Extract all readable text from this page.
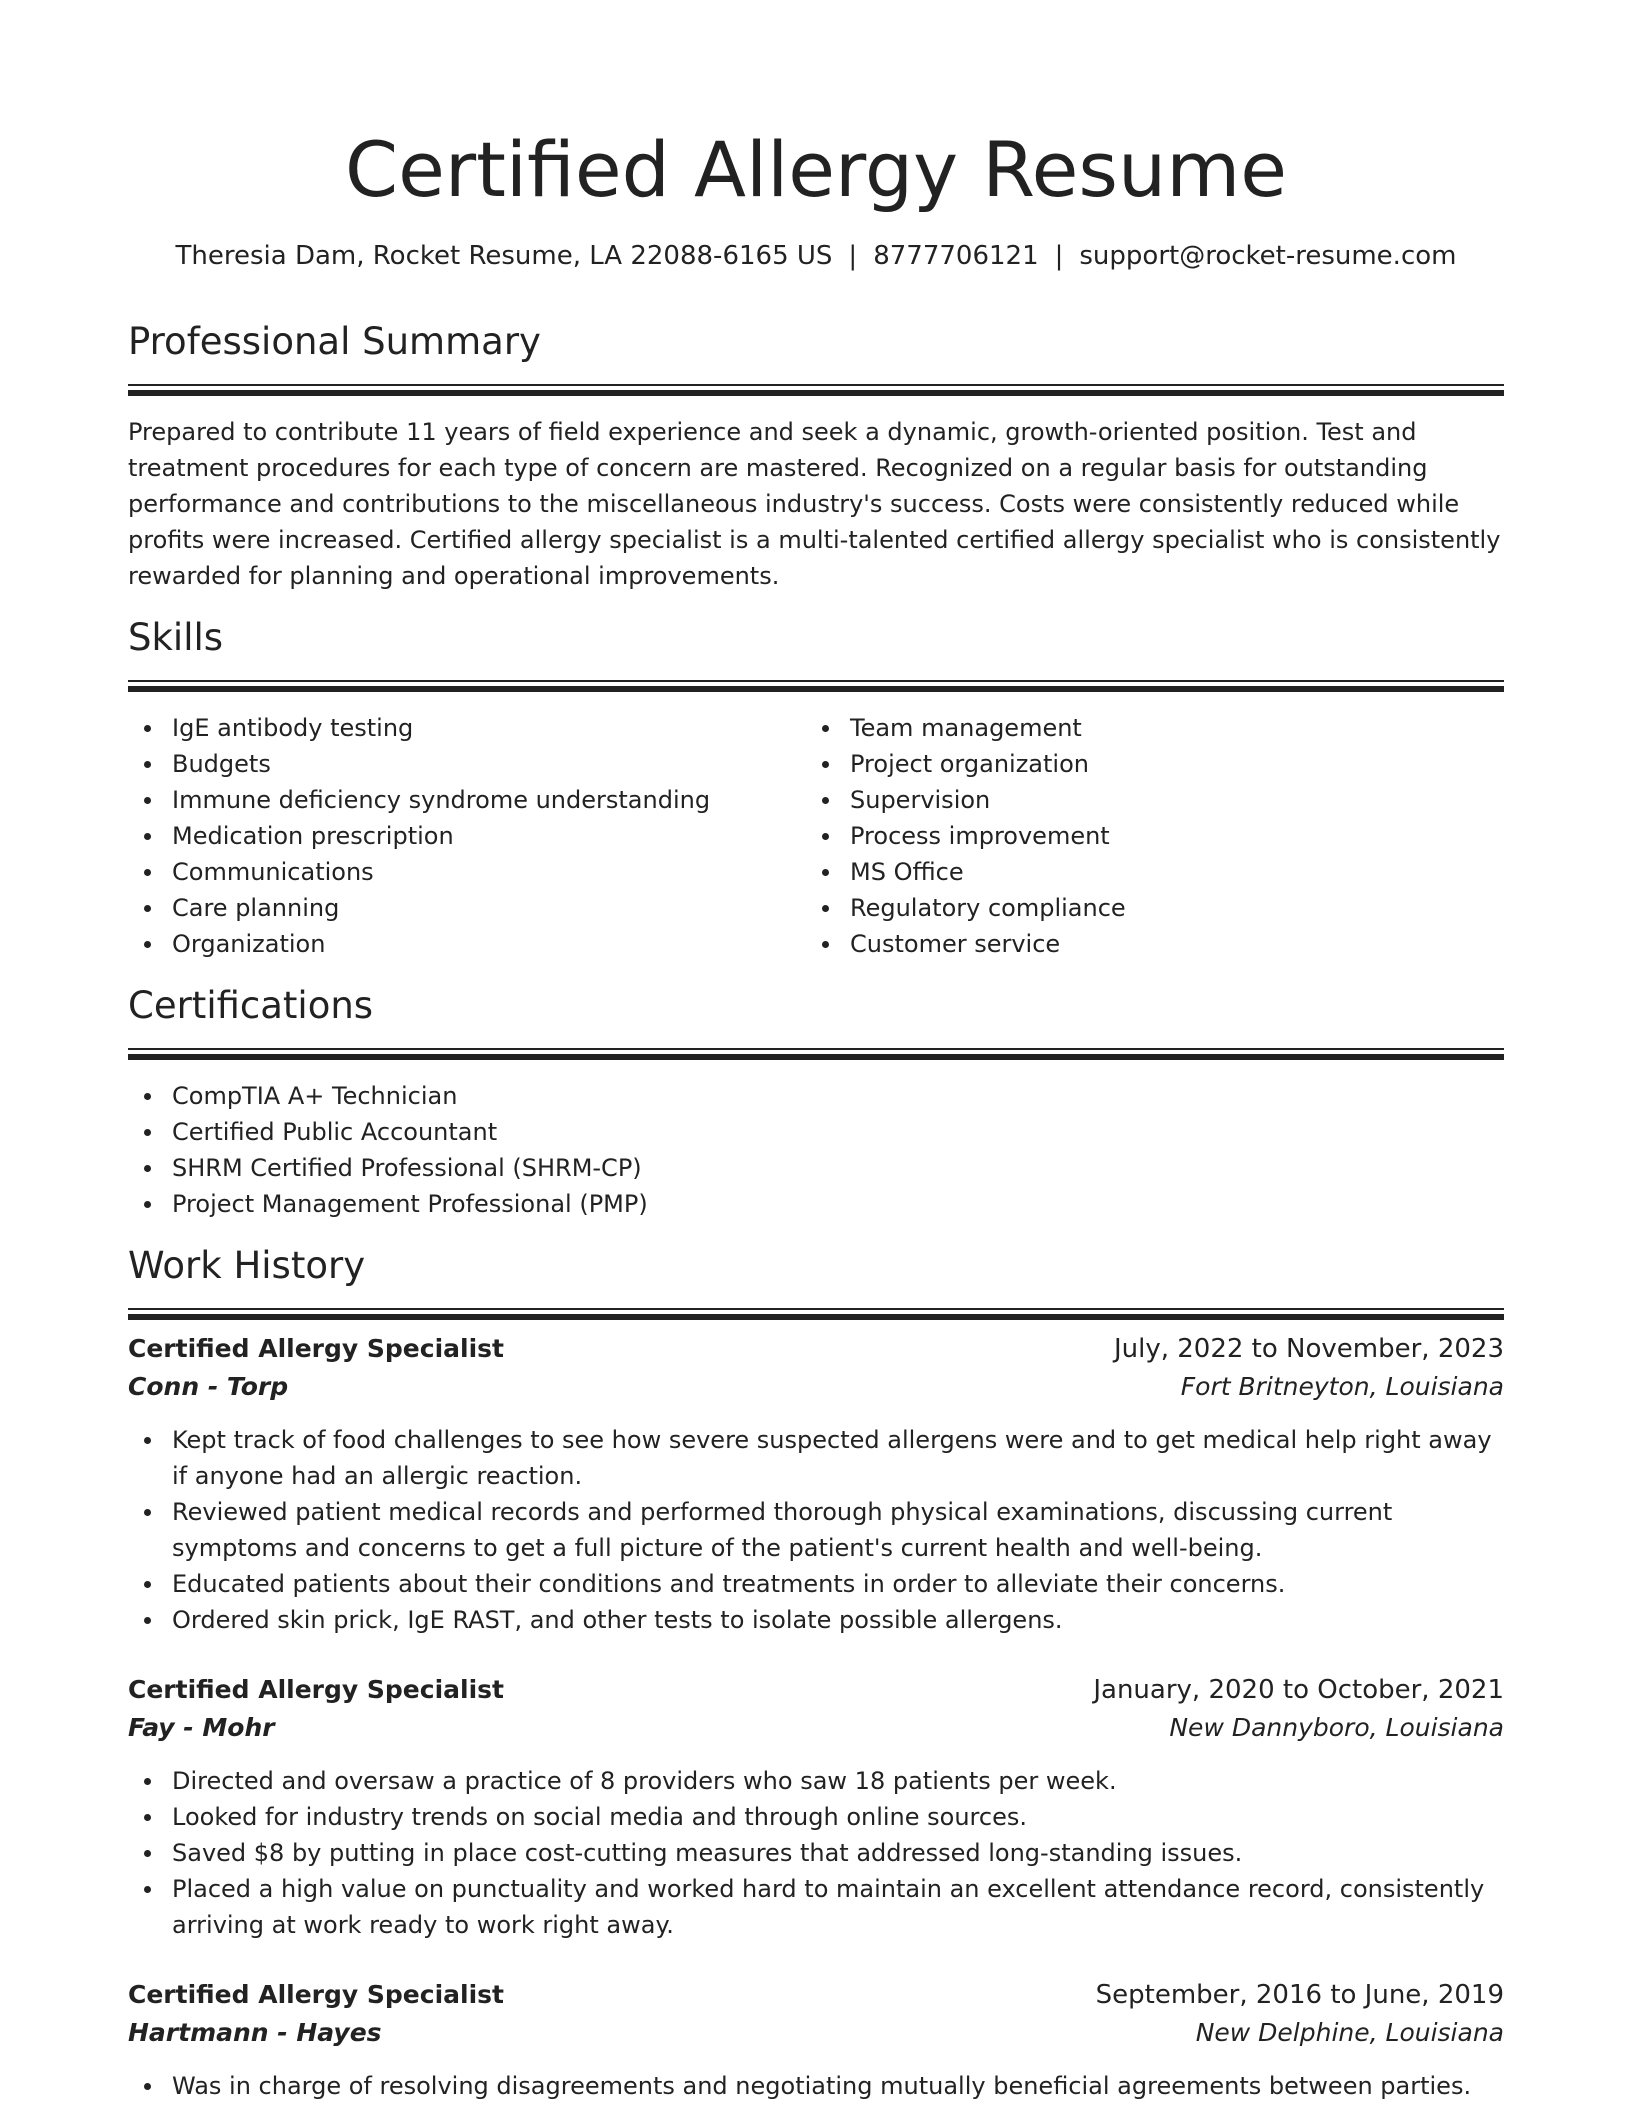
Certified Allergy Resume
Theresia Dam, Rocket Resume, LA 22088-6165 US | 8777706121 | support@rocket-resume.com
Professional Summary

Prepared to contribute 11 years of field experience and seek a dynamic, growth-oriented position. Test and treatment procedures for each type of concern are mastered. Recognized on a regular basis for outstanding performance and contributions to the miscellaneous industry's success. Costs were consistently reduced while profits were increased. Certified allergy specialist is a multi-talented certified allergy specialist who is consistently rewarded for planning and operational improvements.

Skills
IgE antibody testing
Budgets
Immune deficiency syndrome understanding
Medication prescription
Communications
Care planning
Organization
Team management
Project organization
Supervision
Process improvement
MS Office
Regulatory compliance
Customer service
Certifications
CompTIA A+ Technician
Certified Public Accountant
SHRM Certified Professional (SHRM-CP)
Project Management Professional (PMP)
Work History
Certified Allergy Specialist	July, 2022 to November, 2023
Conn - Torp	Fort Britneyton, Louisiana
Kept track of food challenges to see how severe suspected allergens were and to get medical help right away if anyone had an allergic reaction.
Reviewed patient medical records and performed thorough physical examinations, discussing current symptoms and concerns to get a full picture of the patient's current health and well-being.
Educated patients about their conditions and treatments in order to alleviate their concerns.
Ordered skin prick, IgE RAST, and other tests to isolate possible allergens.
Certified Allergy Specialist	January, 2020 to October, 2021
Fay - Mohr	New Dannyboro, Louisiana
Directed and oversaw a practice of 8 providers who saw 18 patients per week.
Looked for industry trends on social media and through online sources.
Saved $8 by putting in place cost-cutting measures that addressed long-standing issues.
Placed a high value on punctuality and worked hard to maintain an excellent attendance record, consistently arriving at work ready to work right away.
Certified Allergy Specialist	September, 2016 to June, 2019
Hartmann - Hayes	New Delphine, Louisiana
Was in charge of resolving disagreements and negotiating mutually beneficial agreements between parties.
